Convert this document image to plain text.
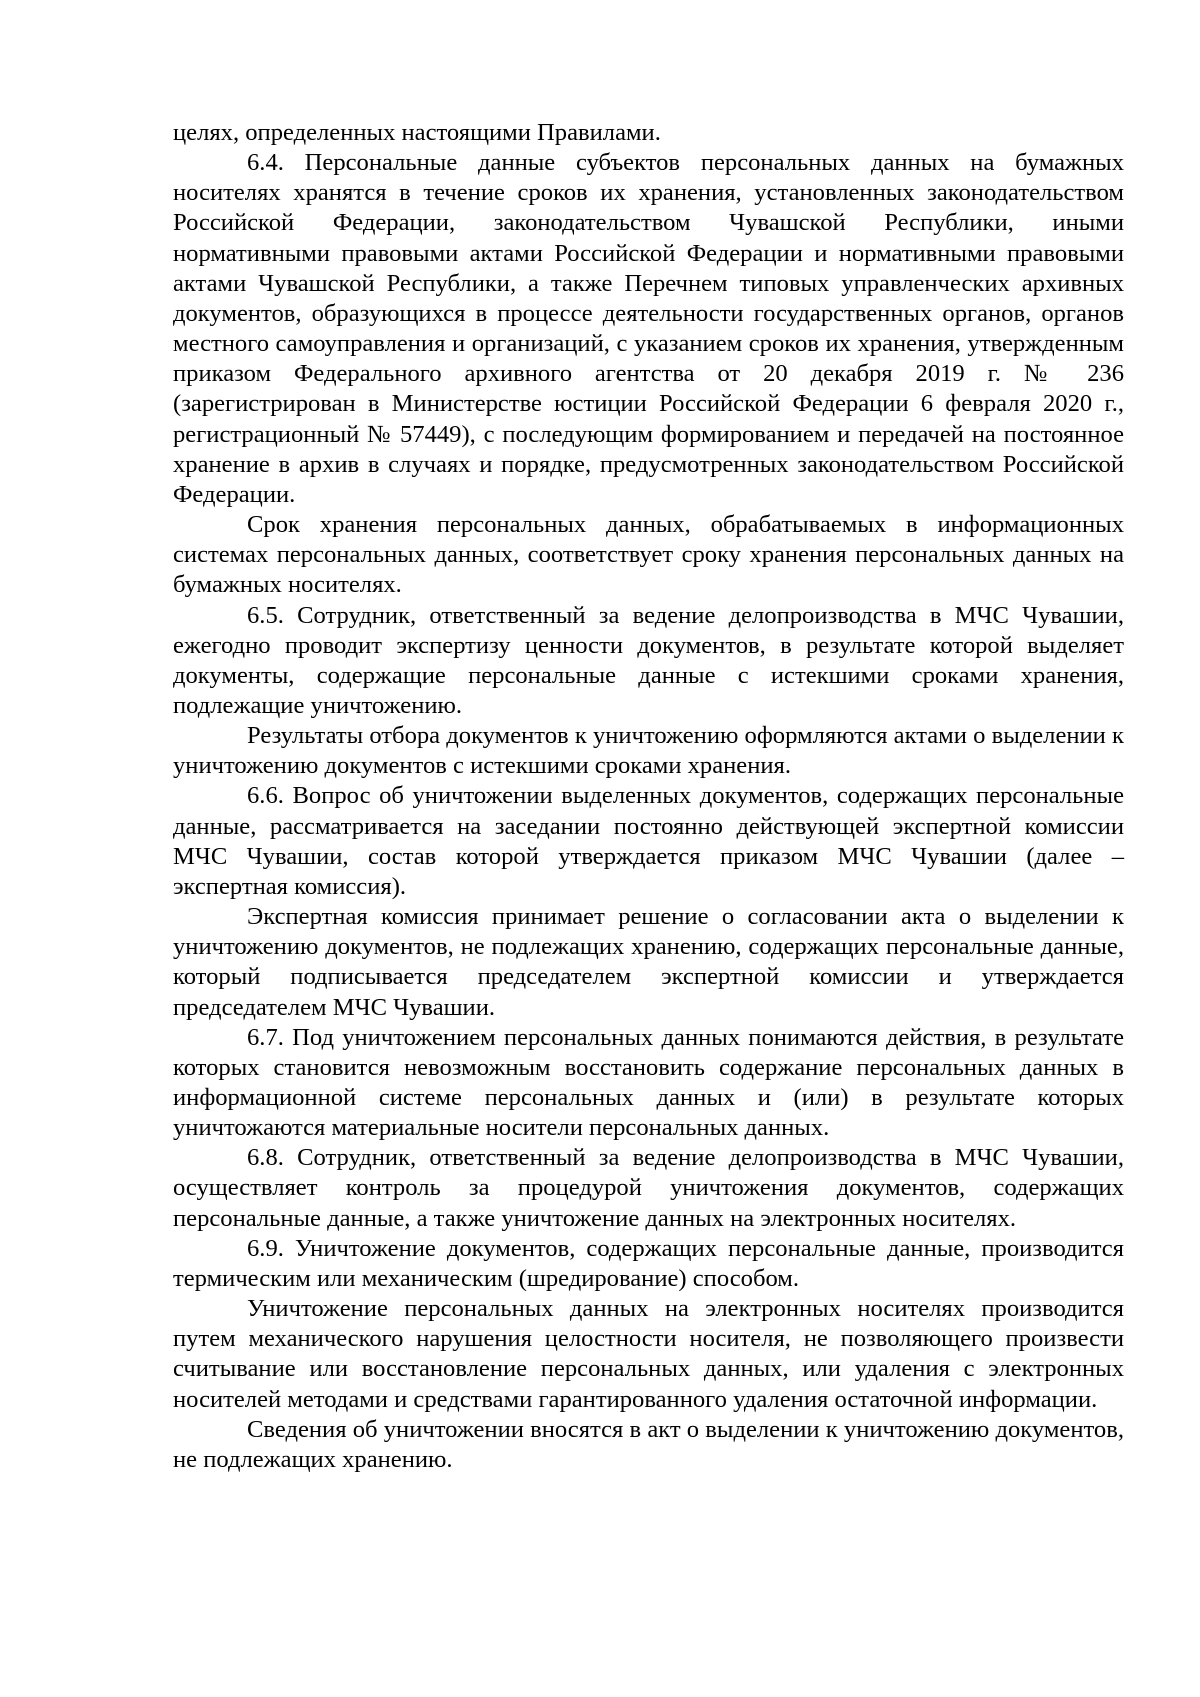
целях, определенных настоящими Правилами.

6.4. Персональные данные субъектов персональных данных на бумажных носителях хранятся в течение сроков их хранения, установленных законодательством Российской Федерации, законодательством Чувашской Республики, иными нормативными правовыми актами Российской Федерации и нормативными правовыми актами Чувашской Республики, а также Перечнем типовых управленческих архивных документов, образующихся в процессе деятельности государственных органов, органов местного самоуправления и организаций, с указанием сроков их хранения, утвержденным приказом Федерального архивного агентства от 20 декабря 2019 г. № 236 (зарегистрирован в Министерстве юстиции Российской Федерации 6 февраля 2020 г., регистрационный № 57449), с последующим формированием и передачей на постоянное хранение в архив в случаях и порядке, предусмотренных законодательством Российской Федерации.

Срок хранения персональных данных, обрабатываемых в информационных системах персональных данных, соответствует сроку хранения персональных данных на бумажных носителях.

6.5. Сотрудник, ответственный за ведение делопроизводства в МЧС Чувашии, ежегодно проводит экспертизу ценности документов, в результате которой выделяет документы, содержащие персональные данные с истекшими сроками хранения, подлежащие уничтожению.

Результаты отбора документов к уничтожению оформляются актами о выделении к уничтожению документов с истекшими сроками хранения.

6.6. Вопрос об уничтожении выделенных документов, содержащих персональные данные, рассматривается на заседании постоянно действующей экспертной комиссии МЧС Чувашии, состав которой утверждается приказом МЧС Чувашии (далее – экспертная комиссия).

Экспертная комиссия принимает решение о согласовании акта о выделении к уничтожению документов, не подлежащих хранению, содержащих персональные данные, который подписывается председателем экспертной комиссии и утверждается председателем МЧС Чувашии.

6.7. Под уничтожением персональных данных понимаются действия, в результате которых становится невозможным восстановить содержание персональных данных в информационной системе персональных данных и (или) в результате которых уничтожаются материальные носители персональных данных.

6.8. Сотрудник, ответственный за ведение делопроизводства в МЧС Чувашии, осуществляет контроль за процедурой уничтожения документов, содержащих персональные данные, а также уничтожение данных на электронных носителях.

6.9. Уничтожение документов, содержащих персональные данные, производится термическим или механическим (шредирование) способом.

Уничтожение персональных данных на электронных носителях производится путем механического нарушения целостности носителя, не позволяющего произвести считывание или восстановление персональных данных, или удаления с электронных носителей методами и средствами гарантированного удаления остаточной информации.

Сведения об уничтожении вносятся в акт о выделении к уничтожению документов, не подлежащих хранению.
